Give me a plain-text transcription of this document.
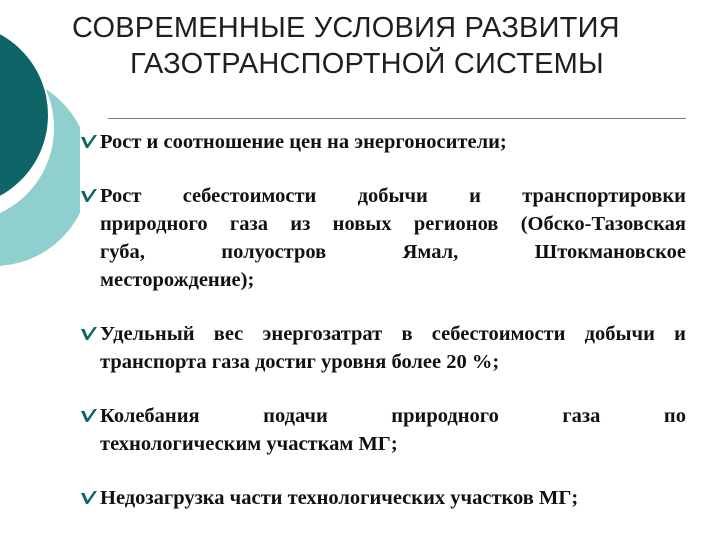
СОВРЕМЕННЫЕ УСЛОВИЯ РАЗВИТИЯ
ГАЗОТРАНСПОРТНОЙ СИСТЕМЫ
Рост и соотношение цен на энергоносители;
Рост себестоимости добычи и транспортировки
природного газа из новых регионов (Обско-Тазовская
губа, полуостров Ямал, Штокмановское
месторождение);
Удельный вес энергозатрат в себестоимости добычи и
транспорта газа достиг уровня более 20 %;
Колебания подачи природного газа по
технологическим участкам МГ;
Недозагрузка части технологических участков МГ;
